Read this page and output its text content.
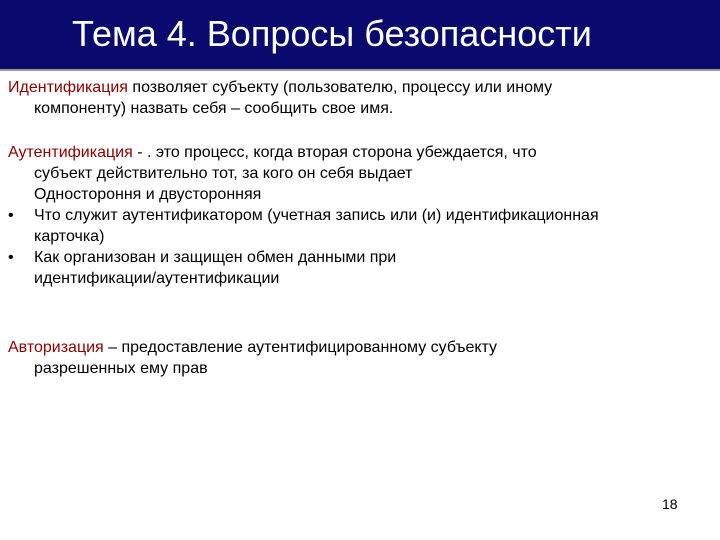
Тема 4. Вопросы безопасности
Идентификация позволяет субъекту (пользователю, процессу или иному
компоненту) назвать себя – сообщить свое имя.
Аутентификация - . это процесс, когда вторая сторона убеждается, что
субъект действительно тот, за кого он себя выдает
Одностороння и двусторонняя
•	Что служит аутентификатором (учетная запись или (и) идентификационная
карточка)
•	Как организован и защищен обмен данными при
идентификации/аутентификации
Авторизация – предоставление аутентифицированному субъекту
разрешенных ему прав
18
